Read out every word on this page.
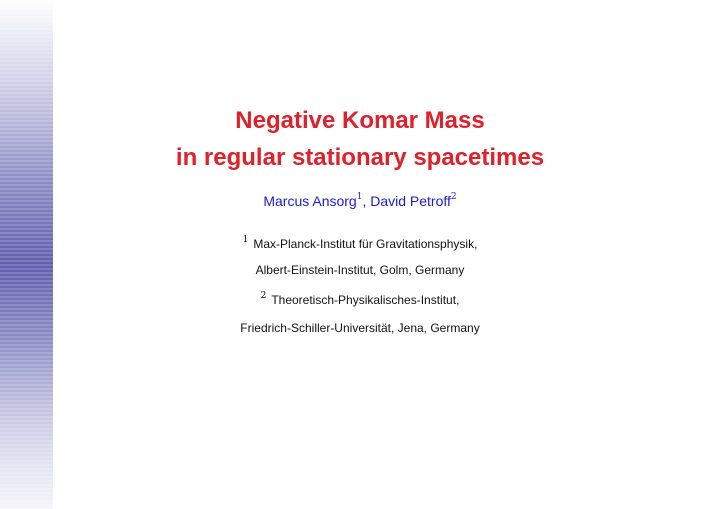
Negative Komar Mass
in regular stationary spacetimes
Marcus Ansorg$^1$, David Petroff$^2$
$^1$ Max-Planck-Institut für Gravitationsphysik,
Albert-Einstein-Institut, Golm, Germany
$^2$ Theoretisch-Physikalisches-Institut,
Friedrich-Schiller-Universität, Jena, Germany
